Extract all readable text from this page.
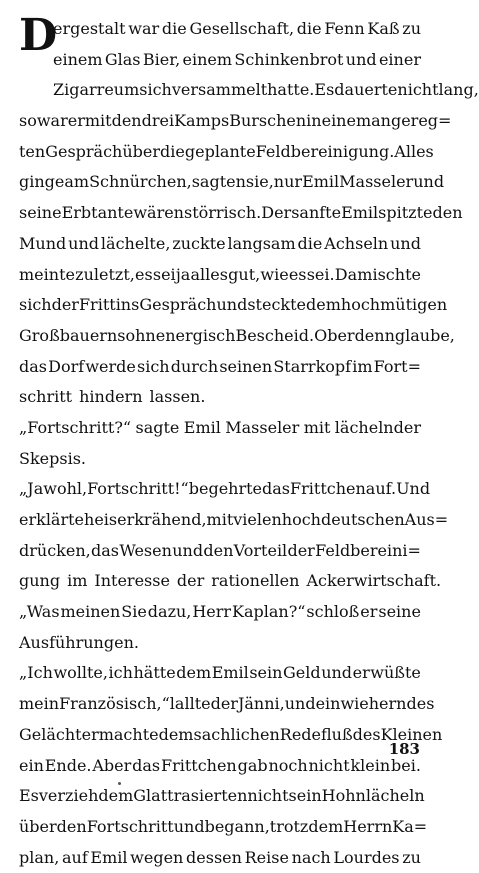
D
ergestalt war die Gesellschaft, die Fenn Kaß zu
einem Glas Bier, einem Schinkenbrot und einer
Zigarre um sich versammelt hatte. Es dauerte nicht lang,
so war er mit den drei Kamps Burschen in einem angereg=
ten Gespräch über die geplante Feldbereinigung. Alles
ginge am Schnürchen, sagten sie, nur Emil Masseler und
seine Erbtante wären störrisch. Der sanfte Emil spitzte den
Mund und lächelte, zuckte langsam die Achseln und
meinte zuletzt, es sei ja alles gut, wie es sei. Da mischte
sich der Fritt ins Gespräch und steckte dem hochmütigen
Großbauernsohn energisch Bescheid. Ob er denn glaube,
das Dorf werde sich durch seinen Starrkopf im Fort=
schritt hindern lassen.
„Fortschritt?“ sagte Emil Masseler mit lächelnder
Skepsis.
„Jawohl, Fortschritt!“ begehrte das Frittchen auf. Und
erklärte heiser krähend, mit vielen hochdeutschen Aus=
drücken, das Wesen und den Vorteil der Feldbereini=
gung im Interesse der rationellen Ackerwirtschaft.
„Was meinen Sie dazu, Herr Kaplan?“ schloß er seine
Ausführungen.
„Ich wollte, ich hätte dem Emil sein Geld und er wüßte
mein Französisch,“ lallte der Jänni, und ein wieherndes
Gelächter machte dem sachlichen Redefluß des Kleinen
ein Ende. Aber das Frittchen gab noch nicht klein bei.
Es verzieh dem Glattrasierten nicht sein Hohnlächeln
über den Fortschritt und begann, trotz dem Herrn Ka=
plan, auf Emil wegen dessen Reise nach Lourdes zu
183
